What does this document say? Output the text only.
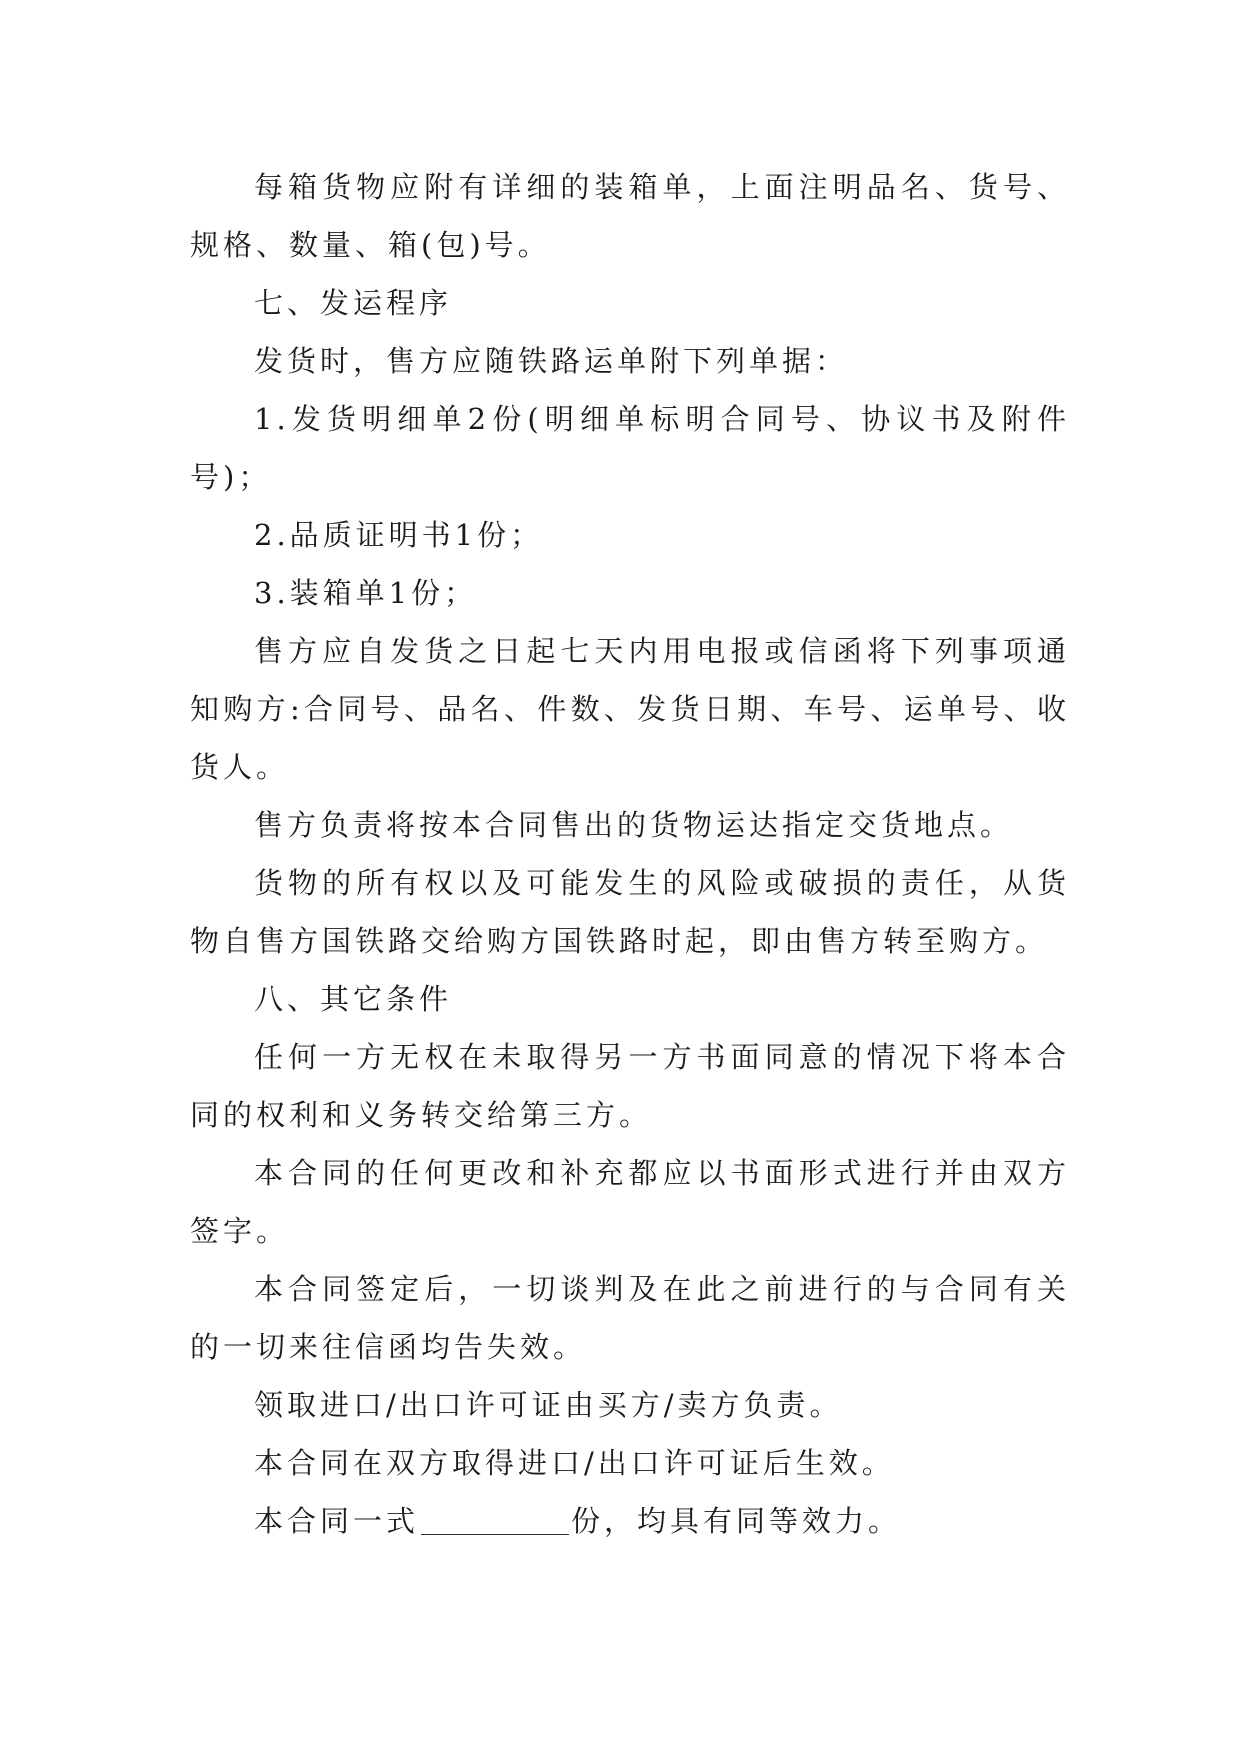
每箱货物应附有详细的装箱单，上面注明品名、货号、规格、数量、箱(包)号。

七、发运程序

发货时，售方应随铁路运单附下列单据：

1.发货明细单2份(明细单标明合同号、协议书及附件号)；

2.品质证明书1份；

3.装箱单1份；

售方应自发货之日起七天内用电报或信函将下列事项通知购方:合同号、品名、件数、发货日期、车号、运单号、收货人。

售方负责将按本合同售出的货物运达指定交货地点。

货物的所有权以及可能发生的风险或破损的责任，从货物自售方国铁路交给购方国铁路时起，即由售方转至购方。

八、其它条件

任何一方无权在未取得另一方书面同意的情况下将本合同的权利和义务转交给第三方。

本合同的任何更改和补充都应以书面形式进行并由双方签字。

本合同签定后，一切谈判及在此之前进行的与合同有关的一切来往信函均告失效。

领取进口/出口许可证由买方/卖方负责。

本合同在双方取得进口/出口许可证后生效。

本合同一式	份，均具有同等效力。
